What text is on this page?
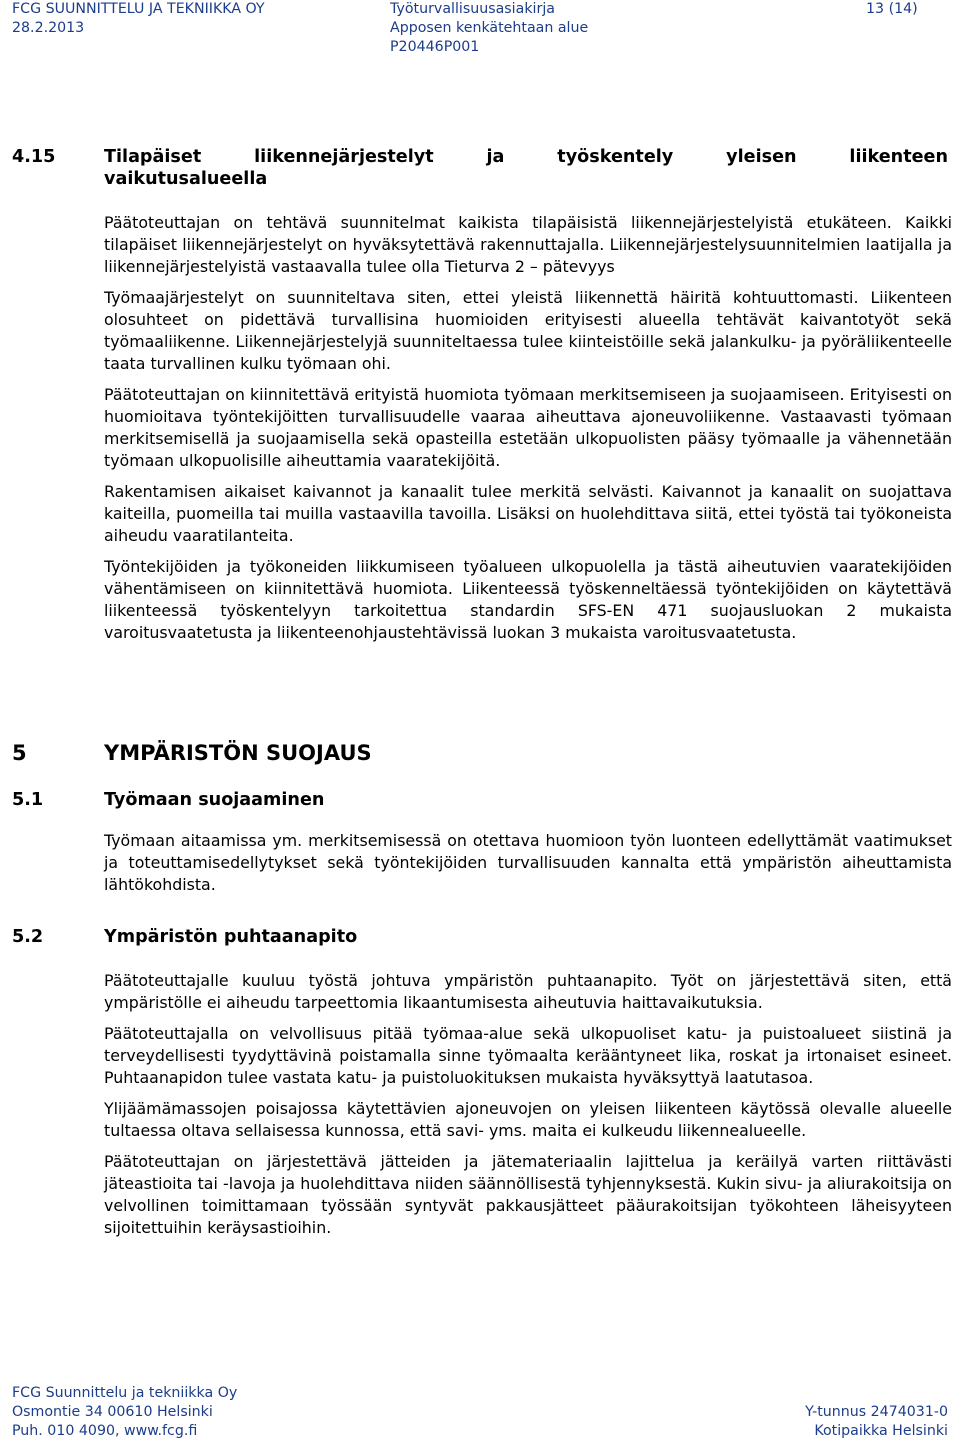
FCG SUUNNITTELU JA TEKNIIKKA OY
28.2.2013
Työturvallisuusasiakirja
Apposen kenkätehtaan alue
P20446P001
13 (14)
4.15	Tilapäiset liikennejärjestelyt ja työskentely yleisen liikenteen
vaikutusalueella

Päätoteuttajan on tehtävä suunnitelmat kaikista tilapäisistä liikennejärjestelyistä etukäteen. Kaikki tilapäiset liikennejärjestelyt on hyväksytettävä rakennuttajalla. Liikennejärjestelysuunnitelmien laatijalla ja liikennejärjestelyistä vastaavalla tulee olla Tieturva 2 – pätevyys

Työmaajärjestelyt on suunniteltava siten, ettei yleistä liikennettä häiritä kohtuuttomasti. Liikenteen olosuhteet on pidettävä turvallisina huomioiden erityisesti alueella tehtävät kaivantotyöt sekä työmaaliikenne. Liikennejärjestelyjä suunniteltaessa tulee kiinteistöille sekä jalankulku- ja pyöräliikenteelle taata turvallinen kulku työmaan ohi.

Päätoteuttajan on kiinnitettävä erityistä huomiota työmaan merkitsemiseen ja suojaamiseen. Erityisesti on huomioitava työntekijöitten turvallisuudelle vaaraa aiheuttava ajoneuvoliikenne. Vastaavasti työmaan merkitsemisellä ja suojaamisella sekä opasteilla estetään ulkopuolisten pääsy työmaalle ja vähennetään työmaan ulkopuolisille aiheuttamia vaaratekijöitä.

Rakentamisen aikaiset kaivannot ja kanaalit tulee merkitä selvästi. Kaivannot ja kanaalit on suojattava kaiteilla, puomeilla tai muilla vastaavilla tavoilla. Lisäksi on huolehdittava siitä, ettei työstä tai työkoneista aiheudu vaaratilanteita.

Työntekijöiden ja työkoneiden liikkumiseen työalueen ulkopuolella ja tästä aiheutuvien vaaratekijöiden vähentämiseen on kiinnitettävä huomiota. Liikenteessä työskenneltäessä työntekijöiden on käytettävä liikenteessä työskentelyyn tarkoitettua standardin SFS-EN 471 suojausluokan 2 mukaista varoitusvaatetusta ja liikenteenohjaustehtävissä luokan 3 mukaista varoitusvaatetusta.

5	YMPÄRISTÖN SUOJAUS
5.1	Työmaan suojaaminen

Työmaan aitaamissa ym. merkitsemisessä on otettava huomioon työn luonteen edellyttämät vaatimukset ja toteuttamisedellytykset sekä työntekijöiden turvallisuuden kannalta että ympäristön aiheuttamista lähtökohdista.

5.2	Ympäristön puhtaanapito

Päätoteuttajalle kuuluu työstä johtuva ympäristön puhtaanapito. Työt on järjestettävä siten, että ympäristölle ei aiheudu tarpeettomia likaantumisesta aiheutuvia haittavaikutuksia.

Päätoteuttajalla on velvollisuus pitää työmaa-alue sekä ulkopuoliset katu- ja puistoalueet siistinä ja terveydellisesti tyydyttävinä poistamalla sinne työmaalta kerääntyneet lika, roskat ja irtonaiset esineet. Puhtaanapidon tulee vastata katu- ja puistoluokituksen mukaista hyväksyttyä laatutasoa.

Ylijäämämassojen poisajossa käytettävien ajoneuvojen on yleisen liikenteen käytössä olevalle alueelle tultaessa oltava sellaisessa kunnossa, että savi- yms. maita ei kulkeudu liikennealueelle.

Päätoteuttajan on järjestettävä jätteiden ja jätemateriaalin lajittelua ja keräilyä varten riittävästi jäteastioita tai -lavoja ja huolehdittava niiden säännöllisestä tyhjennyksestä. Kukin sivu- ja aliurakoitsija on velvollinen toimittamaan työssään syntyvät pakkausjätteet pääurakoitsijan työkohteen läheisyyteen sijoitettuihin keräysastioihin.

FCG Suunnittelu ja tekniikka Oy
Osmontie 34 00610 Helsinki
Puh. 010 4090, www.fcg.fi
Y-tunnus 2474031-0
Kotipaikka Helsinki
